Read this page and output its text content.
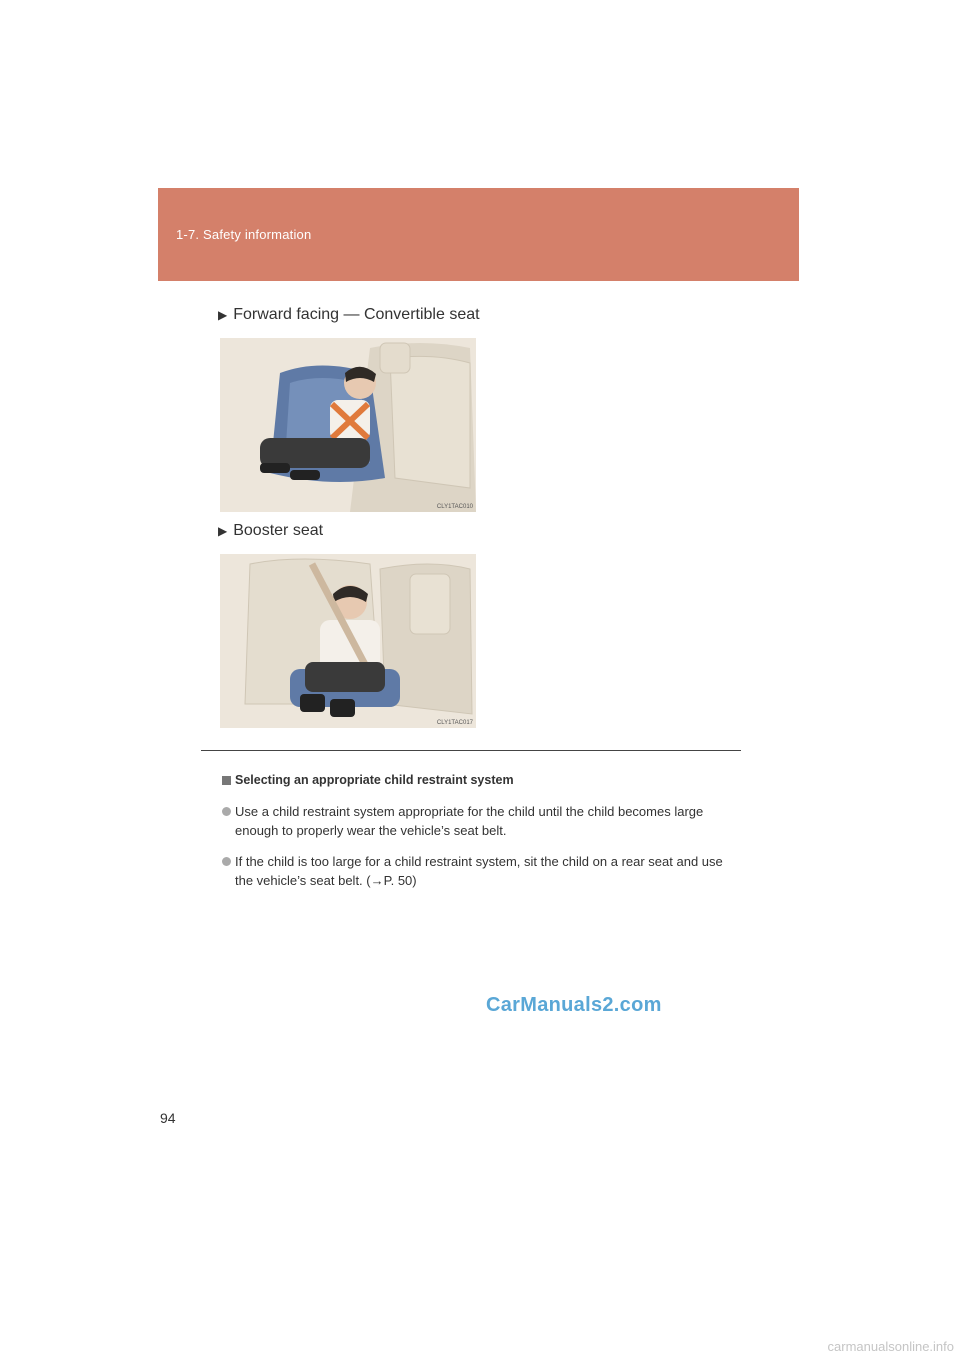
1-7. Safety information
▶ Forward facing — Convertible seat
CLY1TAC010
▶ Booster seat
CLY1TAC017
Selecting an appropriate child restraint system
Use a child restraint system appropriate for the child until the child becomes large enough to properly wear the vehicle’s seat belt.
If the child is too large for a child restraint system, sit the child on a rear seat and use the vehicle’s seat belt. (→P. 50)
CarManuals2.com
94
carmanualsonline.info
